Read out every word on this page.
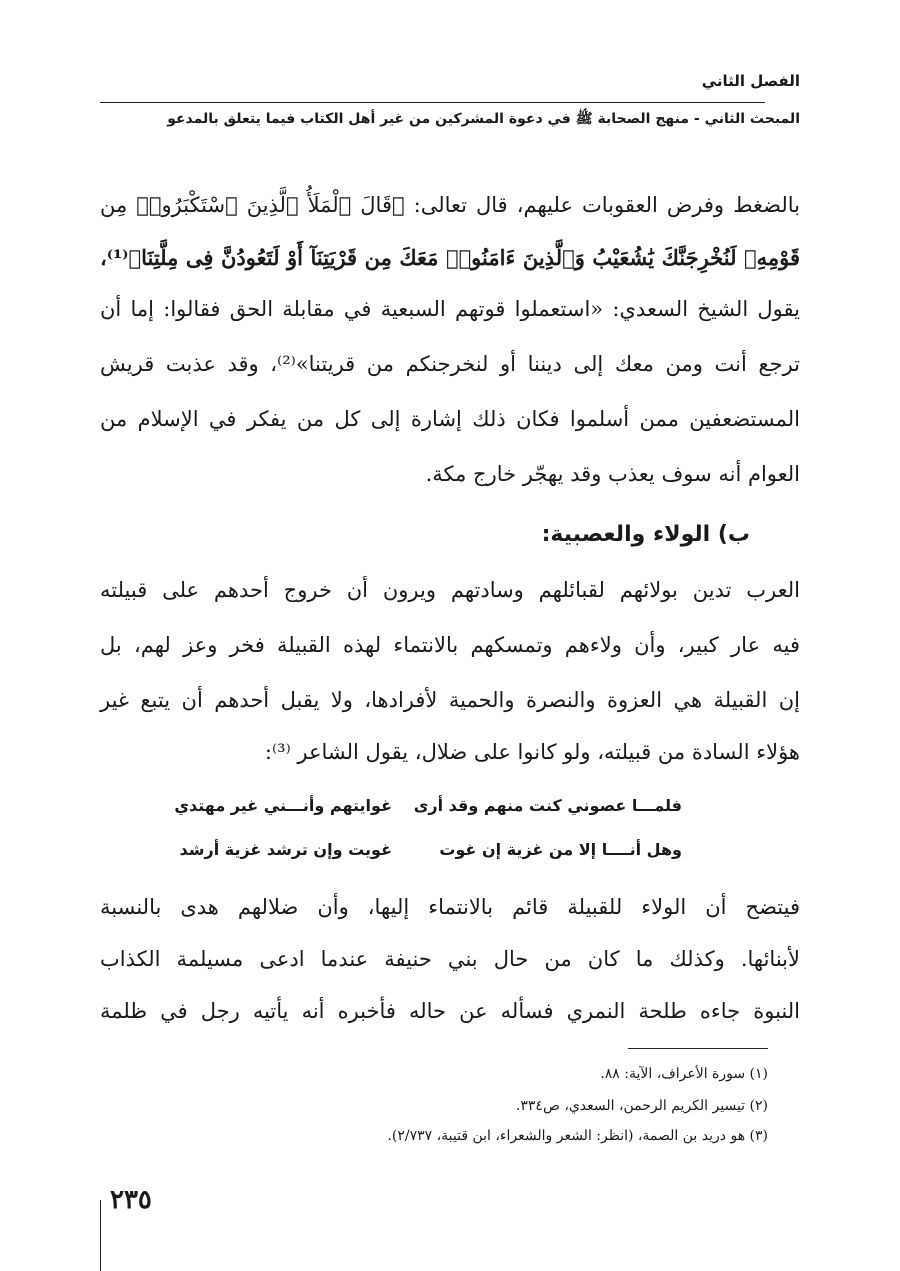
الفصل الثاني
المبحث الثاني - منهج الصحابة ﷺ في دعوة المشركين من غير أهل الكتاب فيما يتعلق بالمدعو
بالضغط وفرض العقوبات عليهم، قال تعالى: ﴿قَالَ ٱلْمَلَأُ ٱلَّذِينَ ٱسْتَكْبَرُوا۟ مِن
قَوْمِهِۦ لَنُخْرِجَنَّكَ يَٰشُعَيْبُ وَٱلَّذِينَ ءَامَنُوا۟ مَعَكَ مِن قَرْيَتِنَآ أَوْ لَتَعُودُنَّ فِى مِلَّتِنَا﴾⁽¹⁾،
يقول الشيخ السعدي: «استعملوا قوتهم السبعية في مقابلة الحق فقالوا: إما أن
ترجع أنت ومن معك إلى ديننا أو لنخرجنكم من قريتنا»⁽²⁾، وقد عذبت قريش
المستضعفين ممن أسلموا فكان ذلك إشارة إلى كل من يفكر في الإسلام من
العوام أنه سوف يعذب وقد يهجّر خارج مكة.
ب) الولاء والعصبية:
العرب تدين بولائهم لقبائلهم وسادتهم ويرون أن خروج أحدهم على قبيلته
فيه عار كبير، وأن ولاءهم وتمسكهم بالانتماء لهذه القبيلة فخر وعز لهم، بل
إن القبيلة هي العزوة والنصرة والحمية لأفرادها، ولا يقبل أحدهم أن يتبع غير
هؤلاء السادة من قبيلته، ولو كانوا على ضلال، يقول الشاعر ⁽³⁾:
فلمـــا عصوني كنت منهم وقد أرى
غوايتهم وأنـــني غير مهتدي
وهل أنــــا إلا من غزية إن غوت
غويت وإن ترشد غزية أرشد
فيتضح أن الولاء للقبيلة قائم بالانتماء إليها، وأن ضلالهم هدى بالنسبة
لأبنائها. وكذلك ما كان من حال بني حنيفة عندما ادعى مسيلمة الكذاب
النبوة جاءه طلحة النمري فسأله عن حاله فأخبره أنه يأتيه رجل في ظلمة
(١) سورة الأعراف، الآية: ٨٨.
(٢) تيسير الكريم الرحمن، السعدي، ص٣٣٤.
(٣) هو دريد بن الصمة، (انظر: الشعر والشعراء، ابن قتيبة، ٢/٧٣٧).
٢٣٥
